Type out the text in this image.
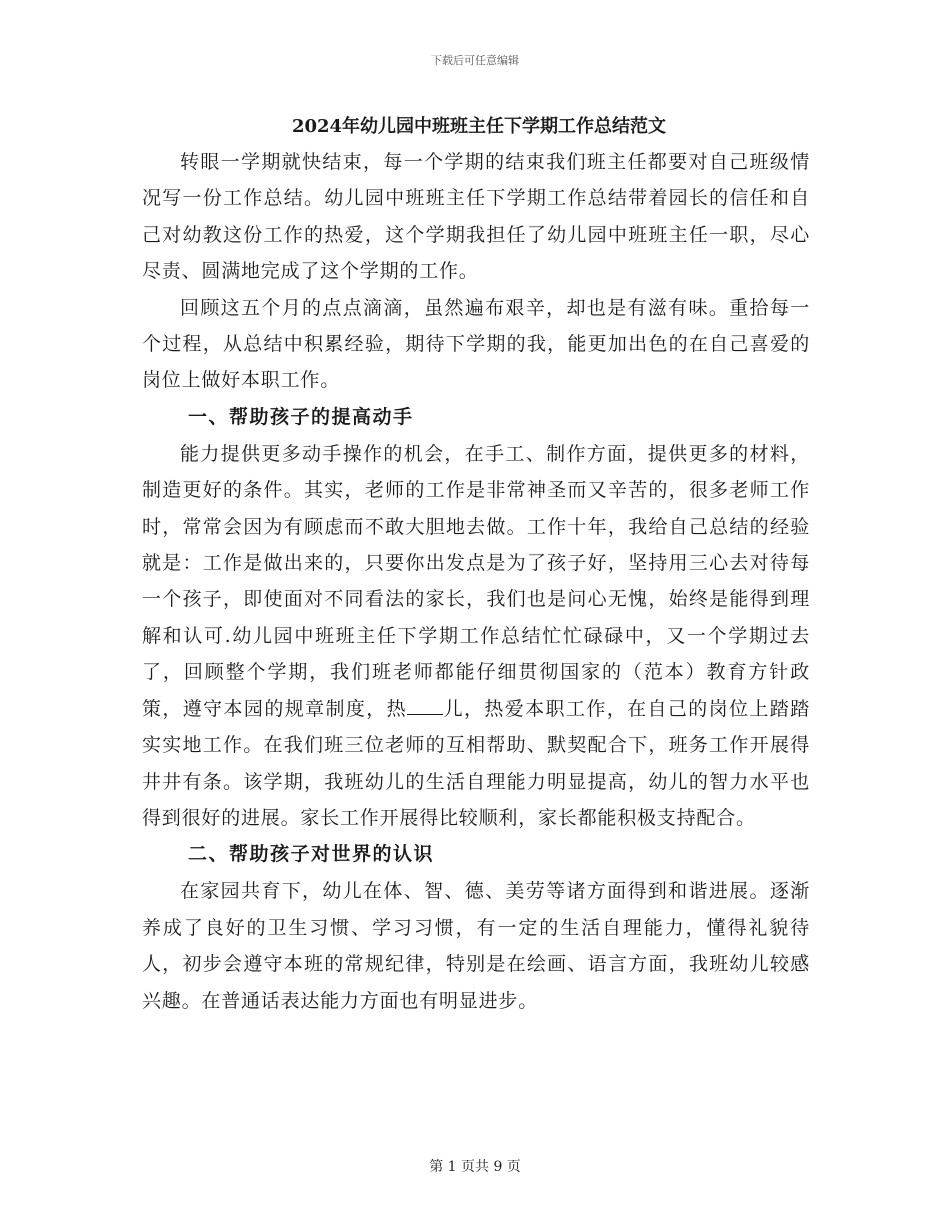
下载后可任意编辑
2024年幼儿园中班班主任下学期工作总结范文

转眼一学期就快结束，每一个学期的结束我们班主任都要对自己班级情况写一份工作总结。幼儿园中班班主任下学期工作总结带着园长的信任和自己对幼教这份工作的热爱，这个学期我担任了幼儿园中班班主任一职，尽心尽责、圆满地完成了这个学期的工作。

回顾这五个月的点点滴滴，虽然遍布艰辛，却也是有滋有味。重拾每一个过程，从总结中积累经验，期待下学期的我，能更加出色的在自己喜爱的岗位上做好本职工作。

一、帮助孩子的提高动手

能力提供更多动手操作的机会，在手工、制作方面，提供更多的材料，制造更好的条件。其实，老师的工作是非常神圣而又辛苦的，很多老师工作时，常常会因为有顾虑而不敢大胆地去做。工作十年，我给自己总结的经验就是：工作是做出来的，只要你出发点是为了孩子好，坚持用三心去对待每一个孩子，即使面对不同看法的家长，我们也是问心无愧，始终是能得到理解和认可.幼儿园中班班主任下学期工作总结忙忙碌碌中，又一个学期过去了，回顾整个学期，我们班老师都能仔细贯彻国家的（范本）教育方针政策，遵守本园的规章制度，热 儿，热爱本职工作，在自己的岗位上踏踏实实地工作。在我们班三位老师的互相帮助、默契配合下，班务工作开展得井井有条。该学期，我班幼儿的生活自理能力明显提高，幼儿的智力水平也得到很好的进展。家长工作开展得比较顺利，家长都能积极支持配合。

二、帮助孩子对世界的认识

在家园共育下，幼儿在体、智、德、美劳等诸方面得到和谐进展。逐渐养成了良好的卫生习惯、学习习惯，有一定的生活自理能力，懂得礼貌待人，初步会遵守本班的常规纪律，特别是在绘画、语言方面，我班幼儿较感兴趣。在普通话表达能力方面也有明显进步。

第 1 页共 9 页
